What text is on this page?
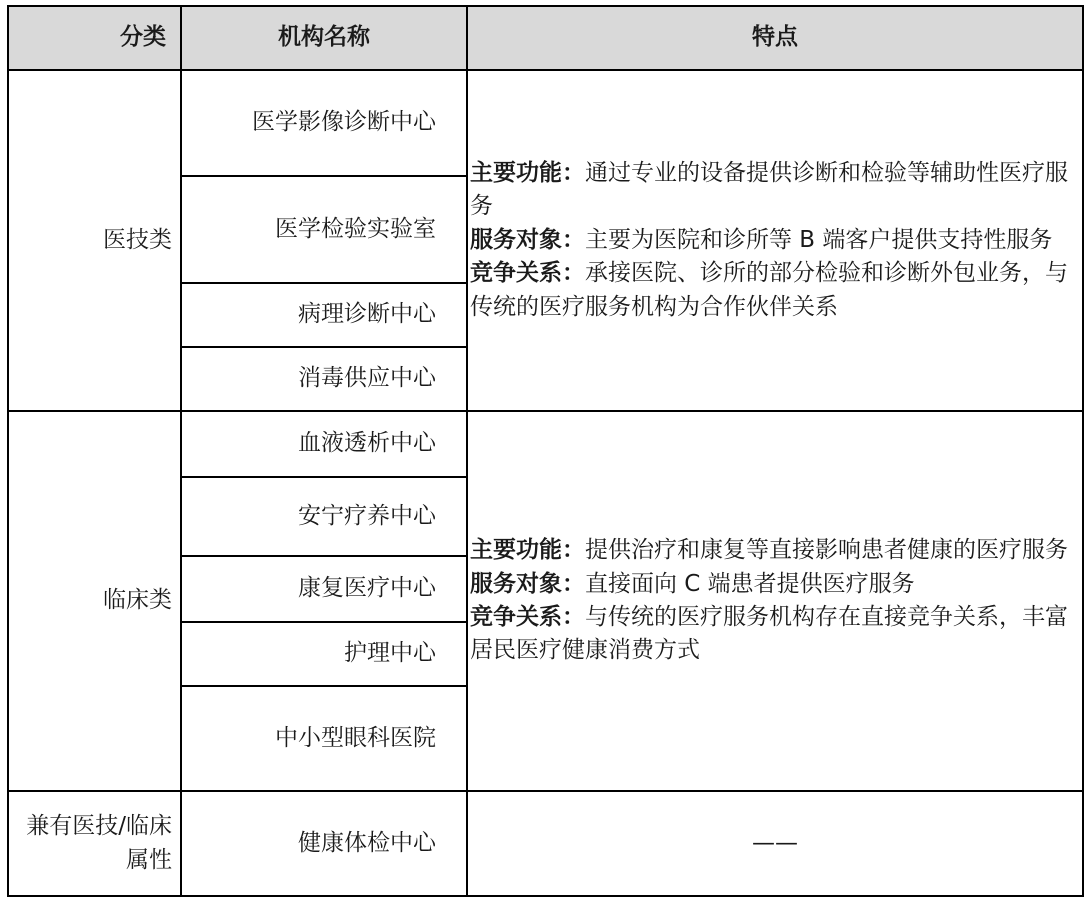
分类	机构名称	特点
医技类	医学影像诊断中心	主要功能：通过专业的设备提供诊断和检验等辅助性医疗服务
服务对象：主要为医院和诊所等 B 端客户提供支持性服务
竞争关系：承接医院、诊所的部分检验和诊断外包业务，与传统的医疗服务机构为合作伙伴关系

	医学检验实验室	
	病理诊断中心	
	消毒供应中心	
临床类	血液透析中心	主要功能：提供治疗和康复等直接影响患者健康的医疗服务
服务对象：直接面向 C 端患者提供医疗服务
竞争关系：与传统的医疗服务机构存在直接竞争关系，丰富居民医疗健康消费方式

	安宁疗养中心	
	康复医疗中心	
	护理中心	
	中小型眼科医院	
兼有医技/临床属性	健康体检中心	——
